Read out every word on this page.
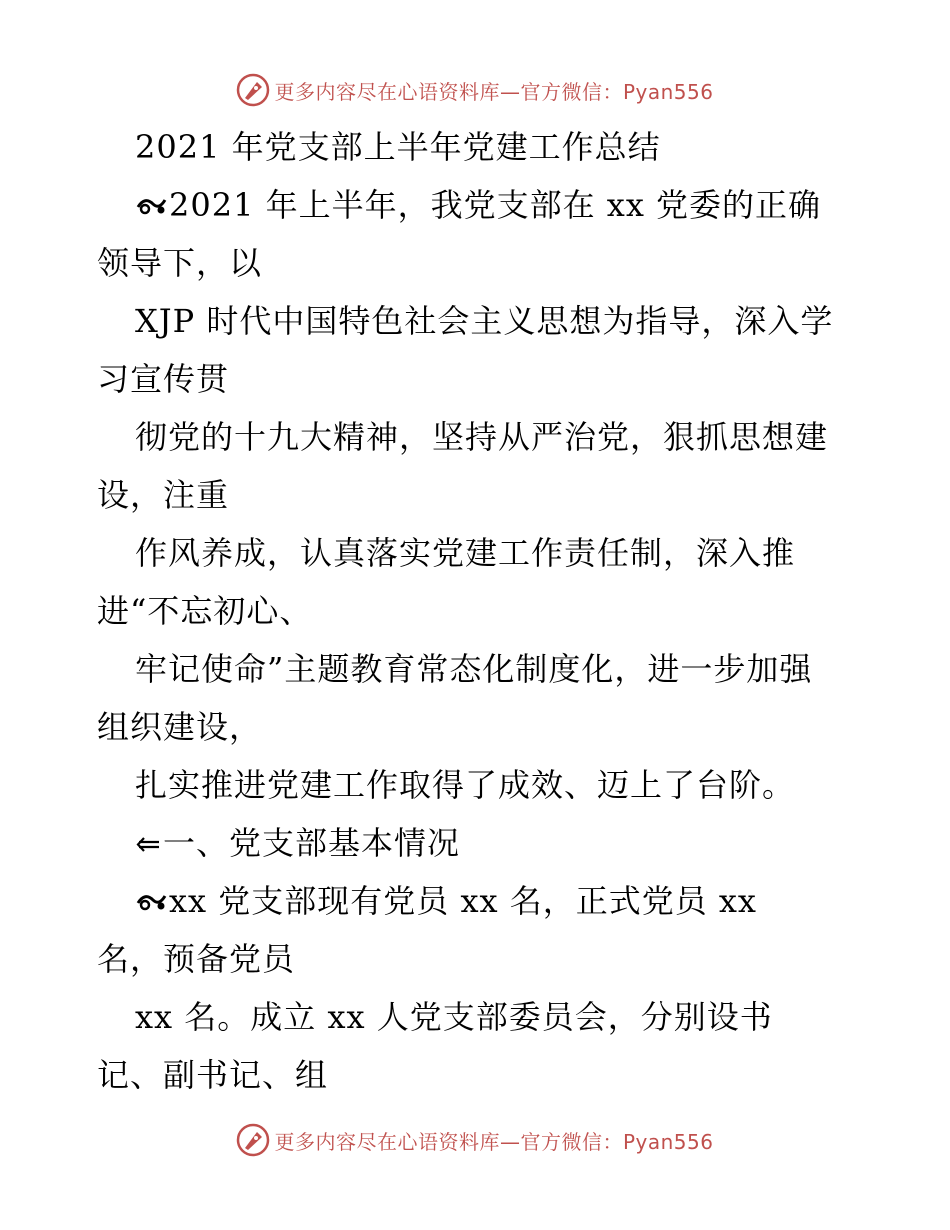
更多内容尽在心语资料库—官方微信：Pyan556
2021 年党支部上半年党建工作总结
2021 年上半年，我党支部在 xx 党委的正确
领导下，以
XJP 时代中国特色社会主义思想为指导，深入学
习宣传贯
彻党的十九大精神，坚持从严治党，狠抓思想建
设，注重
作风养成，认真落实党建工作责任制，深入推
进“不忘初心、
牢记使命”主题教育常态化制度化，进一步加强
组织建设，
扎实推进党建工作取得了成效、迈上了台阶。
一、党支部基本情况
xx 党支部现有党员 xx 名，正式党员 xx
名，预备党员
xx 名。成立 xx 人党支部委员会，分别设书
记、副书记、组
更多内容尽在心语资料库—官方微信：Pyan556
